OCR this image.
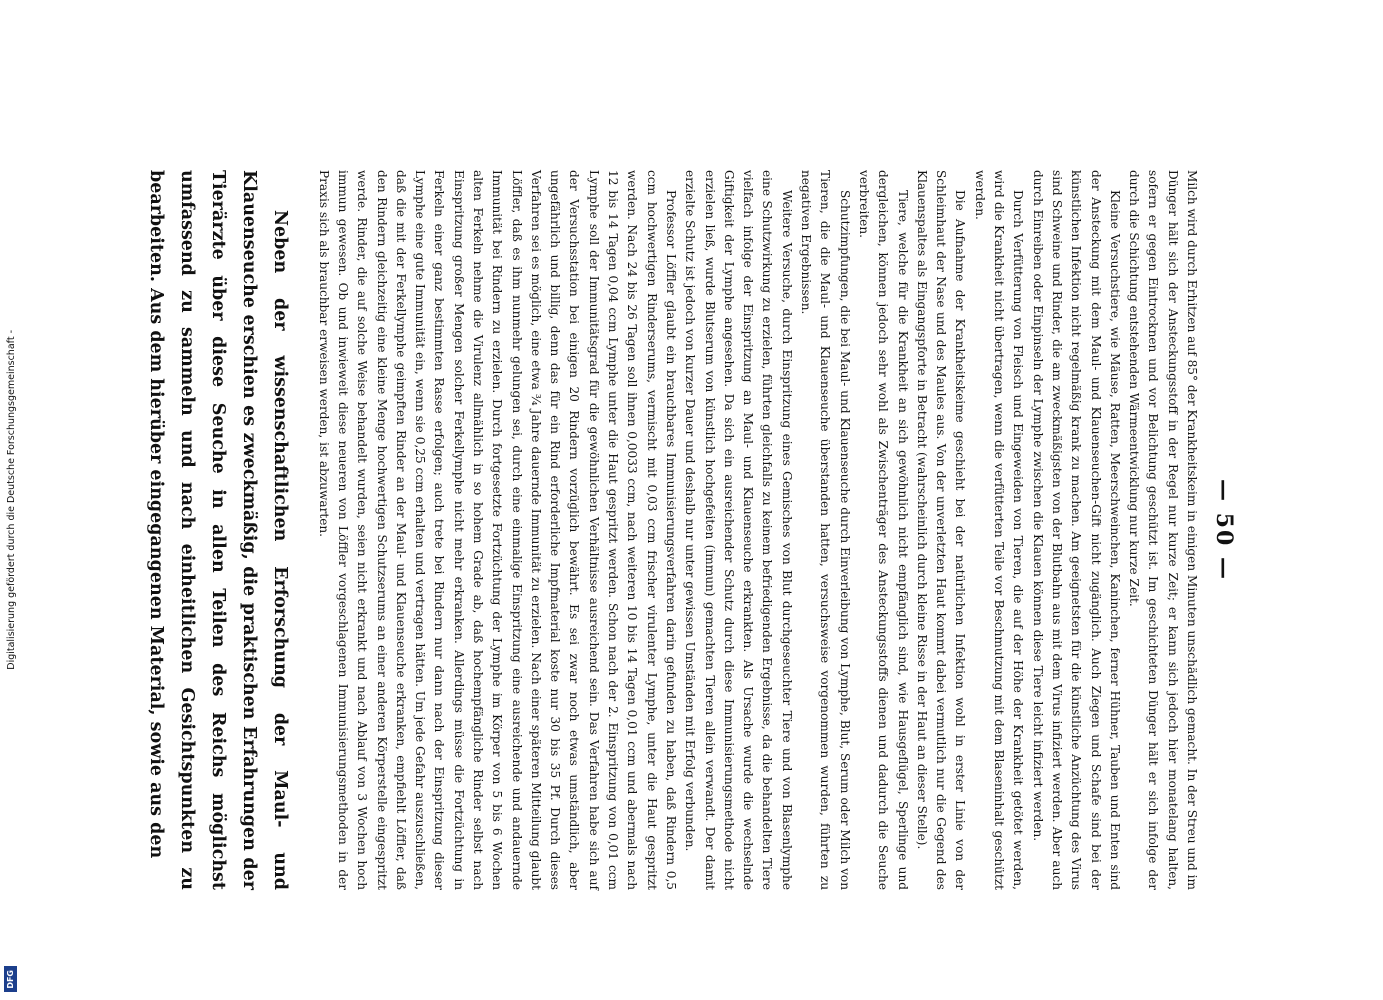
Digitalisierung gefördert durch die Deutsche Forschungsgemeinschaft -
DFG
— 50 —

Milch wird durch Erhitzen auf 85° der Krankheitskeim in einigen Minuten unschädlich gemacht. In der Streu und im Dünger hält sich der Ansteckungsstoff in der Regel nur kurze Zeit; er kann sich jedoch hier monatelang halten, sofern er gegen Eintrocknen und vor Belichtung geschützt ist. Im geschichteten Dünger hält er sich infolge der durch die Schichtung entstehenden Wärmeentwicklung nur kurze Zeit.

Kleine Versuchstiere, wie Mäuse, Ratten, Meerschweinchen, Kaninchen, ferner Hühner, Tauben und Enten sind der Ansteckung mit dem Maul- und Klauenseuchen-Gift nicht zugänglich. Auch Ziegen und Schafe sind bei der künstlichen Infektion nicht regelmäßig krank zu machen. Am geeignetsten für die künstliche Anzüchtung des Virus sind Schweine und Rinder, die am zweckmäßigsten von der Blutbahn aus mit dem Virus infiziert werden. Aber auch durch Einreiben oder Einpinseln der Lymphe zwischen die Klauen können diese Tiere leicht infiziert werden.

Durch Verfütterung von Fleisch und Eingeweiden von Tieren, die auf der Höhe der Krankheit getötet werden, wird die Krankheit nicht übertragen, wenn die verfütterten Teile vor Beschmutzung mit dem Blaseninhalt geschützt werden.

Die Aufnahme der Krankheitskeime geschieht bei der natürlichen Infektion wohl in erster Linie von der Schleimhaut der Nase und des Maules aus. Von der unverletzten Haut kommt dabei vermutlich nur die Gegend des Klauenspaltes als Eingangspforte in Betracht (wahrscheinlich durch kleine Risse in der Haut an dieser Stelle).

Tiere, welche für die Krankheit an sich gewöhnlich nicht empfänglich sind, wie Hausgeflügel, Sperlinge und dergleichen, können jedoch sehr wohl als Zwischenträger des Ansteckungsstoffs dienen und dadurch die Seuche verbreiten.

Schutzimpfungen, die bei Maul- und Klauenseuche durch Einverleibung von Lymphe, Blut, Serum oder Milch von Tieren, die die Maul- und Klauenseuche überstanden hatten, versuchsweise vorgenommen wurden, führten zu negativen Ergebnissen.

Weitere Versuche, durch Einspritzung eines Gemisches von Blut durchgeseuchter Tiere und von Blasenlymphe eine Schutzwirkung zu erzielen, führten gleichfalls zu keinem befriedigenden Ergebnisse, da die behandelten Tiere vielfach infolge der Einspritzung an Maul- und Klauenseuche erkrankten. Als Ursache wurde die wechselnde Giftigkeit der Lymphe angesehen. Da sich ein ausreichender Schutz durch diese Immunisierungsmethode nicht erzielen ließ, wurde Blutserum von künstlich hochgefeiten (immun) gemachten Tieren allein verwandt. Der damit erzielte Schutz ist jedoch von kurzer Dauer und deshalb nur unter gewissen Umständen mit Erfolg verbunden.

Professor Löffler glaubt ein brauchbares Immunisierungsverfahren darin gefunden zu haben, daß Rindern 0,5 ccm hochwertigen Rinderserums, vermischt mit 0,03 ccm frischer virulenter Lymphe, unter die Haut gespritzt werden. Nach 24 bis 26 Tagen soll ihnen 0,0033 ccm, nach weiteren 10 bis 14 Tagen 0,01 ccm und abermals nach 12 bis 14 Tagen 0,04 ccm Lymphe unter die Haut gespritzt werden. Schon nach der 2. Einspritzung von 0,01 ccm Lymphe soll der Immunitätsgrad für die gewöhnlichen Verhältnisse ausreichend sein. Das Verfahren habe sich auf der Versuchsstation bei einigen 20 Rindern vorzüglich bewährt. Es sei zwar noch etwas umständlich, aber ungefährlich und billig, denn das für ein Rind erforderliche Impfmaterial koste nur 30 bis 35 Pf. Durch dieses Verfahren sei es möglich, eine etwa ¾ Jahre dauernde Immunität zu erzielen. Nach einer späteren Mitteilung glaubt Löffler, daß es ihm nunmehr gelungen sei, durch eine einmalige Einspritzung eine ausreichende und andauernde Immunität bei Rindern zu erzielen. Durch fortgesetzte Fortzüchtung der Lymphe im Körper von 5 bis 6 Wochen alten Ferkeln nehme die Virulenz allmählich in so hohem Grade ab, daß hochempfängliche Rinder selbst nach Einspritzung großer Mengen solcher Ferkellymphe nicht mehr erkranken. Allerdings müsse die Fortzüchtung in Ferkeln einer ganz bestimmten Rasse erfolgen; auch trete bei Rindern nur dann nach der Einspritzung dieser Lymphe eine gute Immunität ein, wenn sie 0,25 ccm erhalten und vertragen hätten. Um jede Gefahr auszuschließen, daß die mit der Ferkellymphe geimpften Rinder an der Maul- und Klauenseuche erkranken, empfiehlt Löffler, daß den Rindern gleichzeitig eine kleine Menge hochwertigen Schutzserums an einer anderen Körperstelle eingespritzt werde. Rinder, die auf solche Weise behandelt wurden, seien nicht erkrankt und nach Ablauf von 3 Wochen hoch immun gewesen. Ob und inwieweit diese neueren von Löffler vorgeschlagenen Immunisierungsmethoden in der Praxis sich als brauchbar erweisen werden, ist abzuwarten.

Neben der wissenschaftlichen Erforschung der Maul- und Klauenseuche erschien es zweckmäßig, die praktischen Erfahrungen der Tierärzte über diese Seuche in allen Teilen des Reichs möglichst umfassend zu sammeln und nach einheitlichen Gesichtspunkten zu bearbeiten. Aus dem hierüber eingegangenen Material, sowie aus den
